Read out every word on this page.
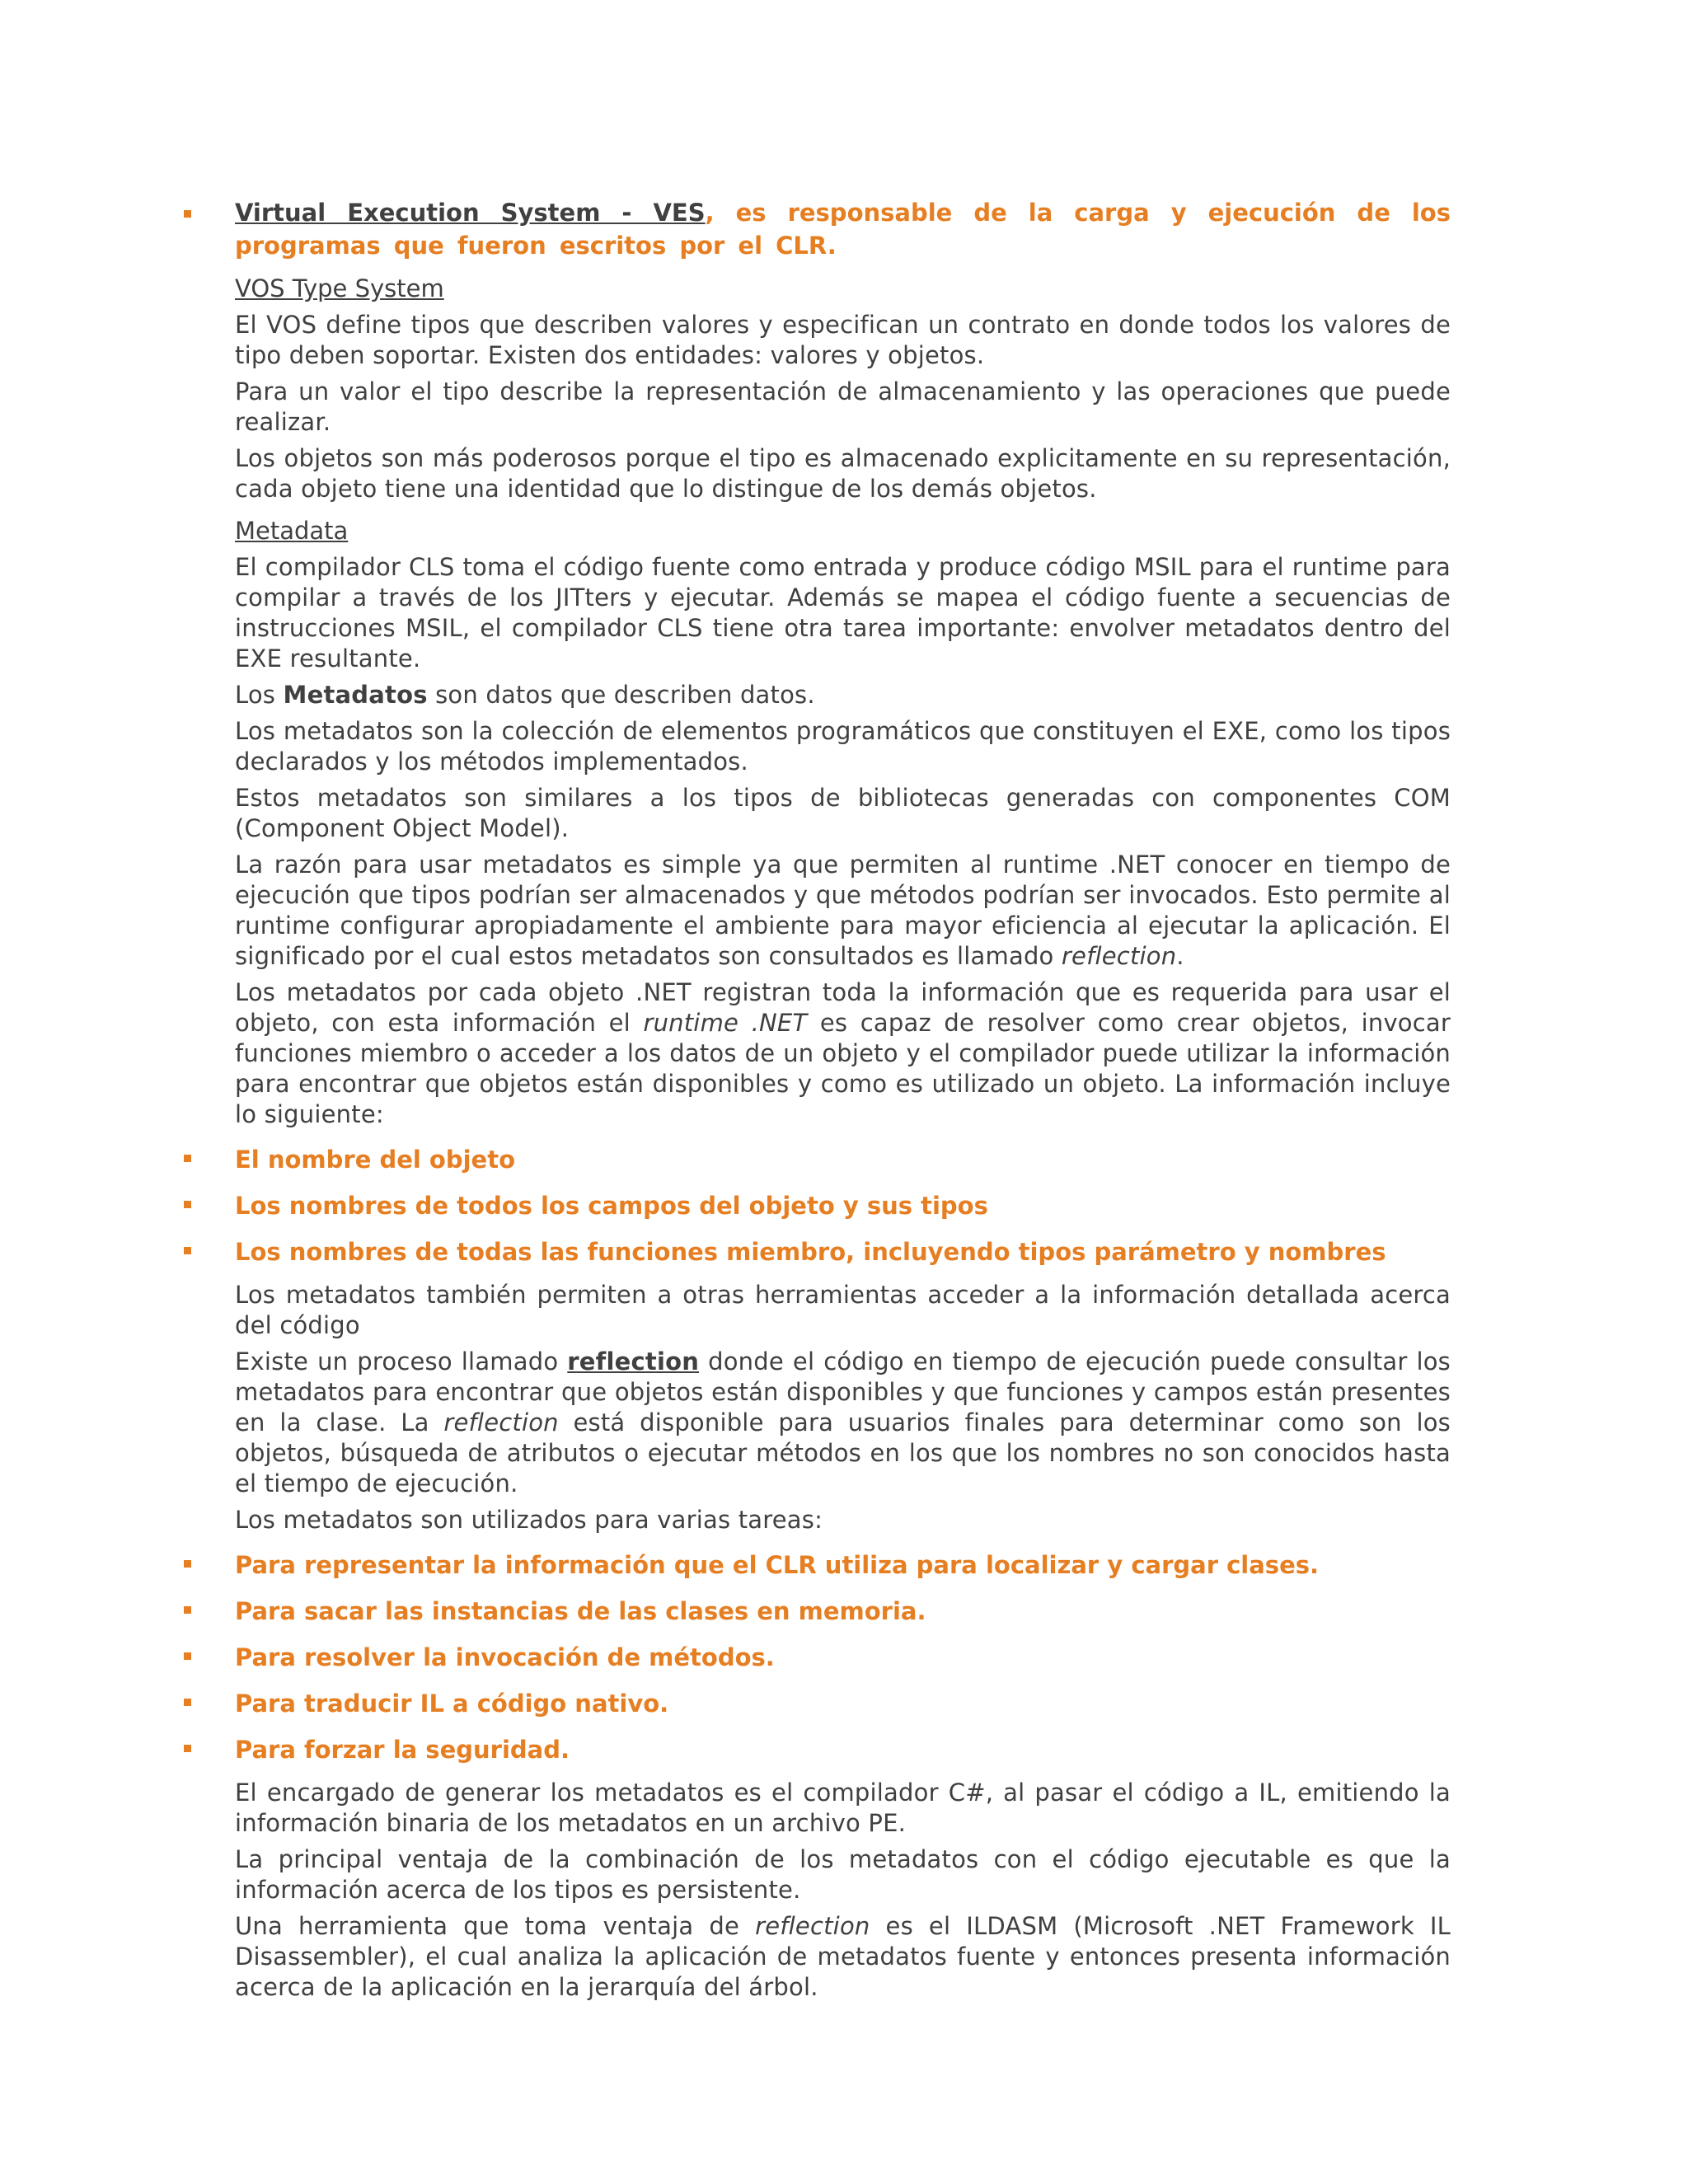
Virtual Execution System - VES, es responsable de la carga y ejecución de los programas que fueron escritos por el CLR.
VOS Type System
El VOS define tipos que describen valores y especifican un contrato en donde todos los valores de tipo deben soportar. Existen dos entidades: valores y objetos.
Para un valor el tipo describe la representación de almacenamiento y las operaciones que puede realizar.
Los objetos son más poderosos porque el tipo es almacenado explicitamente en su representación, cada objeto tiene una identidad que lo distingue de los demás objetos.
Metadata
El compilador CLS toma el código fuente como entrada y produce código MSIL para el runtime para compilar a través de los JITters y ejecutar. Además se mapea el código fuente a secuencias de instrucciones MSIL, el compilador CLS tiene otra tarea importante: envolver metadatos dentro del EXE resultante.
Los Metadatos son datos que describen datos.
Los metadatos son la colección de elementos programáticos que constituyen el EXE, como los tipos declarados y los métodos implementados.
Estos metadatos son similares a los tipos de bibliotecas generadas con componentes COM (Component Object Model).
La razón para usar metadatos es simple ya que permiten al runtime .NET conocer en tiempo de ejecución que tipos podrían ser almacenados y que métodos podrían ser invocados. Esto permite al runtime configurar apropiadamente el ambiente para mayor eficiencia al ejecutar la aplicación. El significado por el cual estos metadatos son consultados es llamado reflection.
Los metadatos por cada objeto .NET registran toda la información que es requerida para usar el objeto, con esta información el runtime .NET es capaz de resolver como crear objetos, invocar funciones miembro o acceder a los datos de un objeto y el compilador puede utilizar la información para encontrar que objetos están disponibles y como es utilizado un objeto. La información incluye lo siguiente:
El nombre del objeto
Los nombres de todos los campos del objeto y sus tipos
Los nombres de todas las funciones miembro, incluyendo tipos parámetro y nombres
Los metadatos también permiten a otras herramientas acceder a la información detallada acerca del código
Existe un proceso llamado reflection donde el código en tiempo de ejecución puede consultar los metadatos para encontrar que objetos están disponibles y que funciones y campos están presentes en la clase. La reflection está disponible para usuarios finales para determinar como son los objetos, búsqueda de atributos o ejecutar métodos en los que los nombres no son conocidos hasta el tiempo de ejecución.
Los metadatos son utilizados para varias tareas:
Para representar la información que el CLR utiliza para localizar y cargar clases.
Para sacar las instancias de las clases en memoria.
Para resolver la invocación de métodos.
Para traducir IL a código nativo.
Para forzar la seguridad.
El encargado de generar los metadatos es el compilador C#, al pasar el código a IL, emitiendo la información binaria de los metadatos en un archivo PE.
La principal ventaja de la combinación de los metadatos con el código ejecutable es que la información acerca de los tipos es persistente.
Una herramienta que toma ventaja de reflection es el ILDASM (Microsoft .NET Framework IL Disassembler), el cual analiza la aplicación de metadatos fuente y entonces presenta información acerca de la aplicación en la jerarquía del árbol.
